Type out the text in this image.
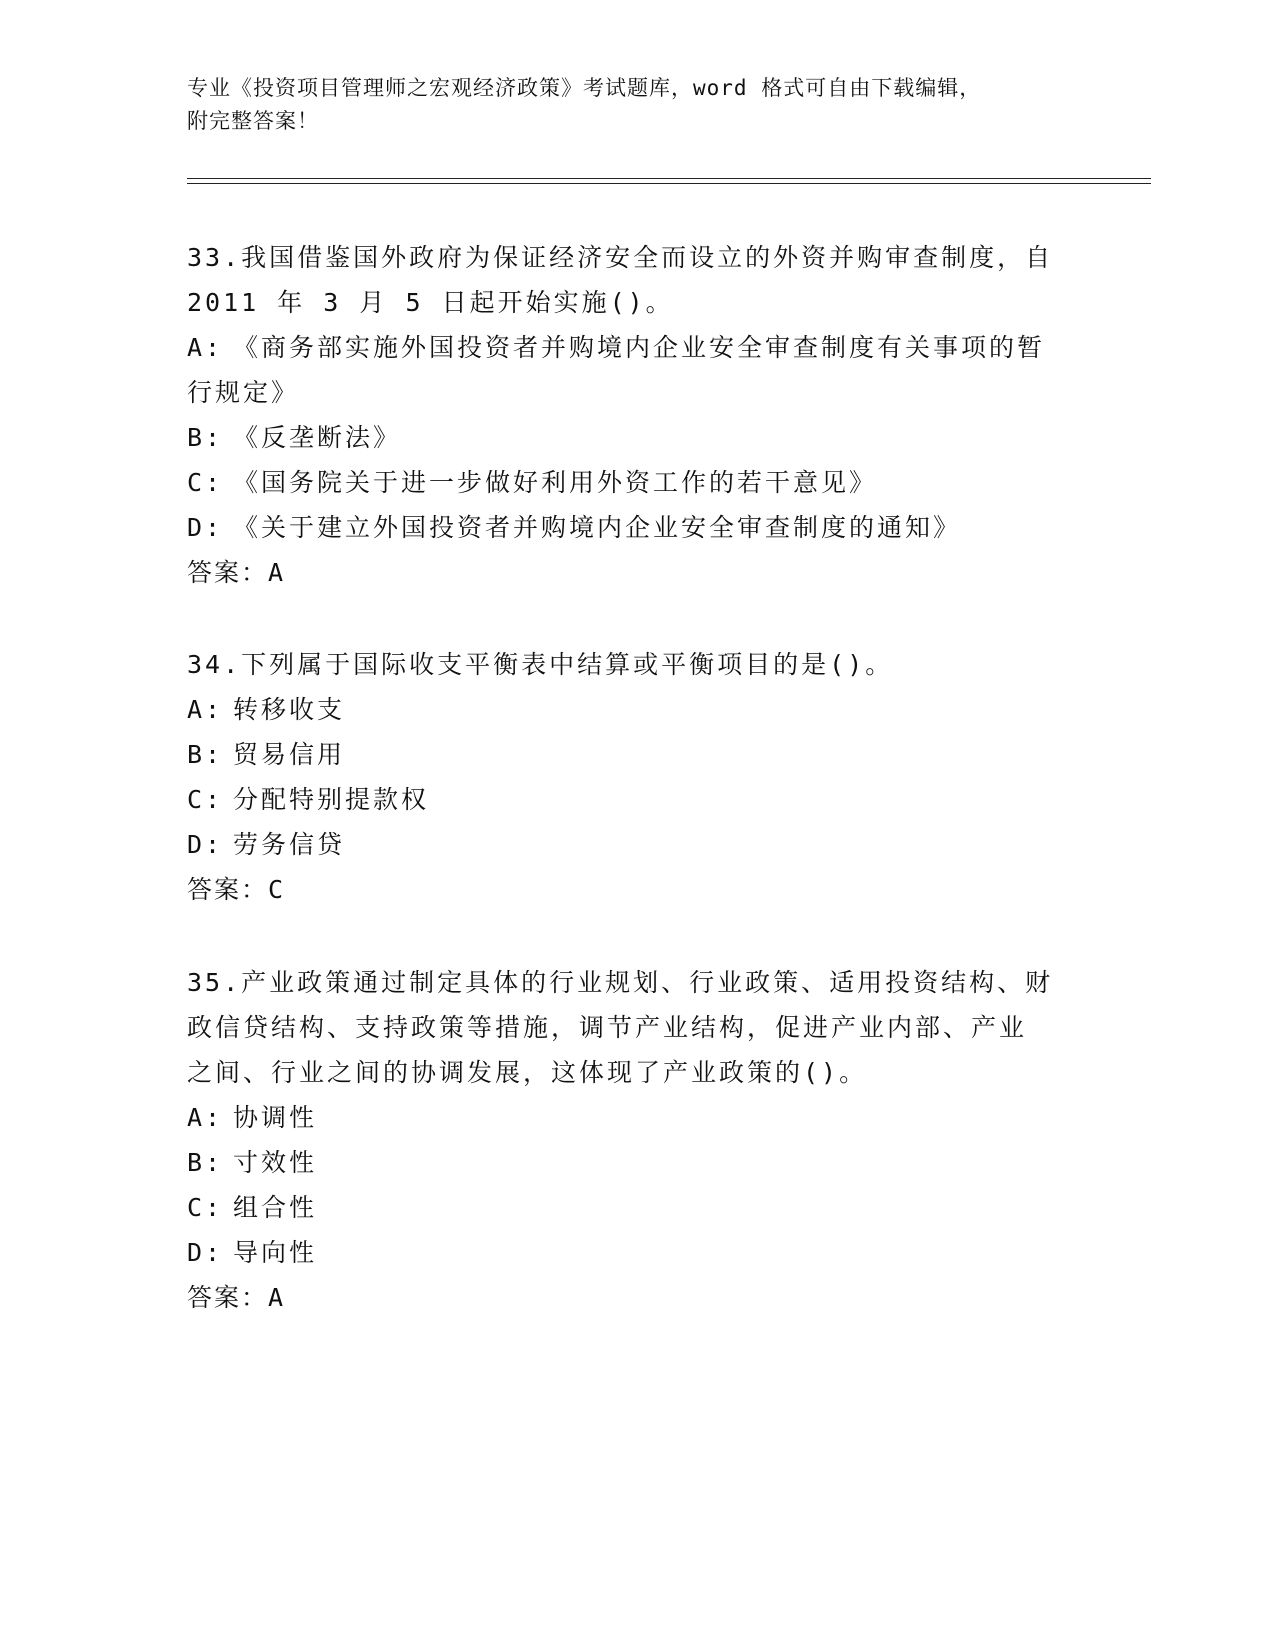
专业《投资项目管理师之宏观经济政策》考试题库，word 格式可自由下载编辑，
附完整答案！

33.我国借鉴国外政府为保证经济安全而设立的外资并购审查制度，自

2011 年 3 月 5 日起开始实施()。

A: 《商务部实施外国投资者并购境内企业安全审查制度有关事项的暂

行规定》

B: 《反垄断法》

C: 《国务院关于进一步做好利用外资工作的若干意见》

D: 《关于建立外国投资者并购境内企业安全审查制度的通知》

答案：A

34.下列属于国际收支平衡表中结算或平衡项目的是()。

A: 转移收支

B: 贸易信用

C: 分配特别提款权

D: 劳务信贷

答案：C

35.产业政策通过制定具体的行业规划、行业政策、适用投资结构、财

政信贷结构、支持政策等措施，调节产业结构，促进产业内部、产业

之间、行业之间的协调发展，这体现了产业政策的()。

A: 协调性

B: 寸效性

C: 组合性

D: 导向性

答案：A
